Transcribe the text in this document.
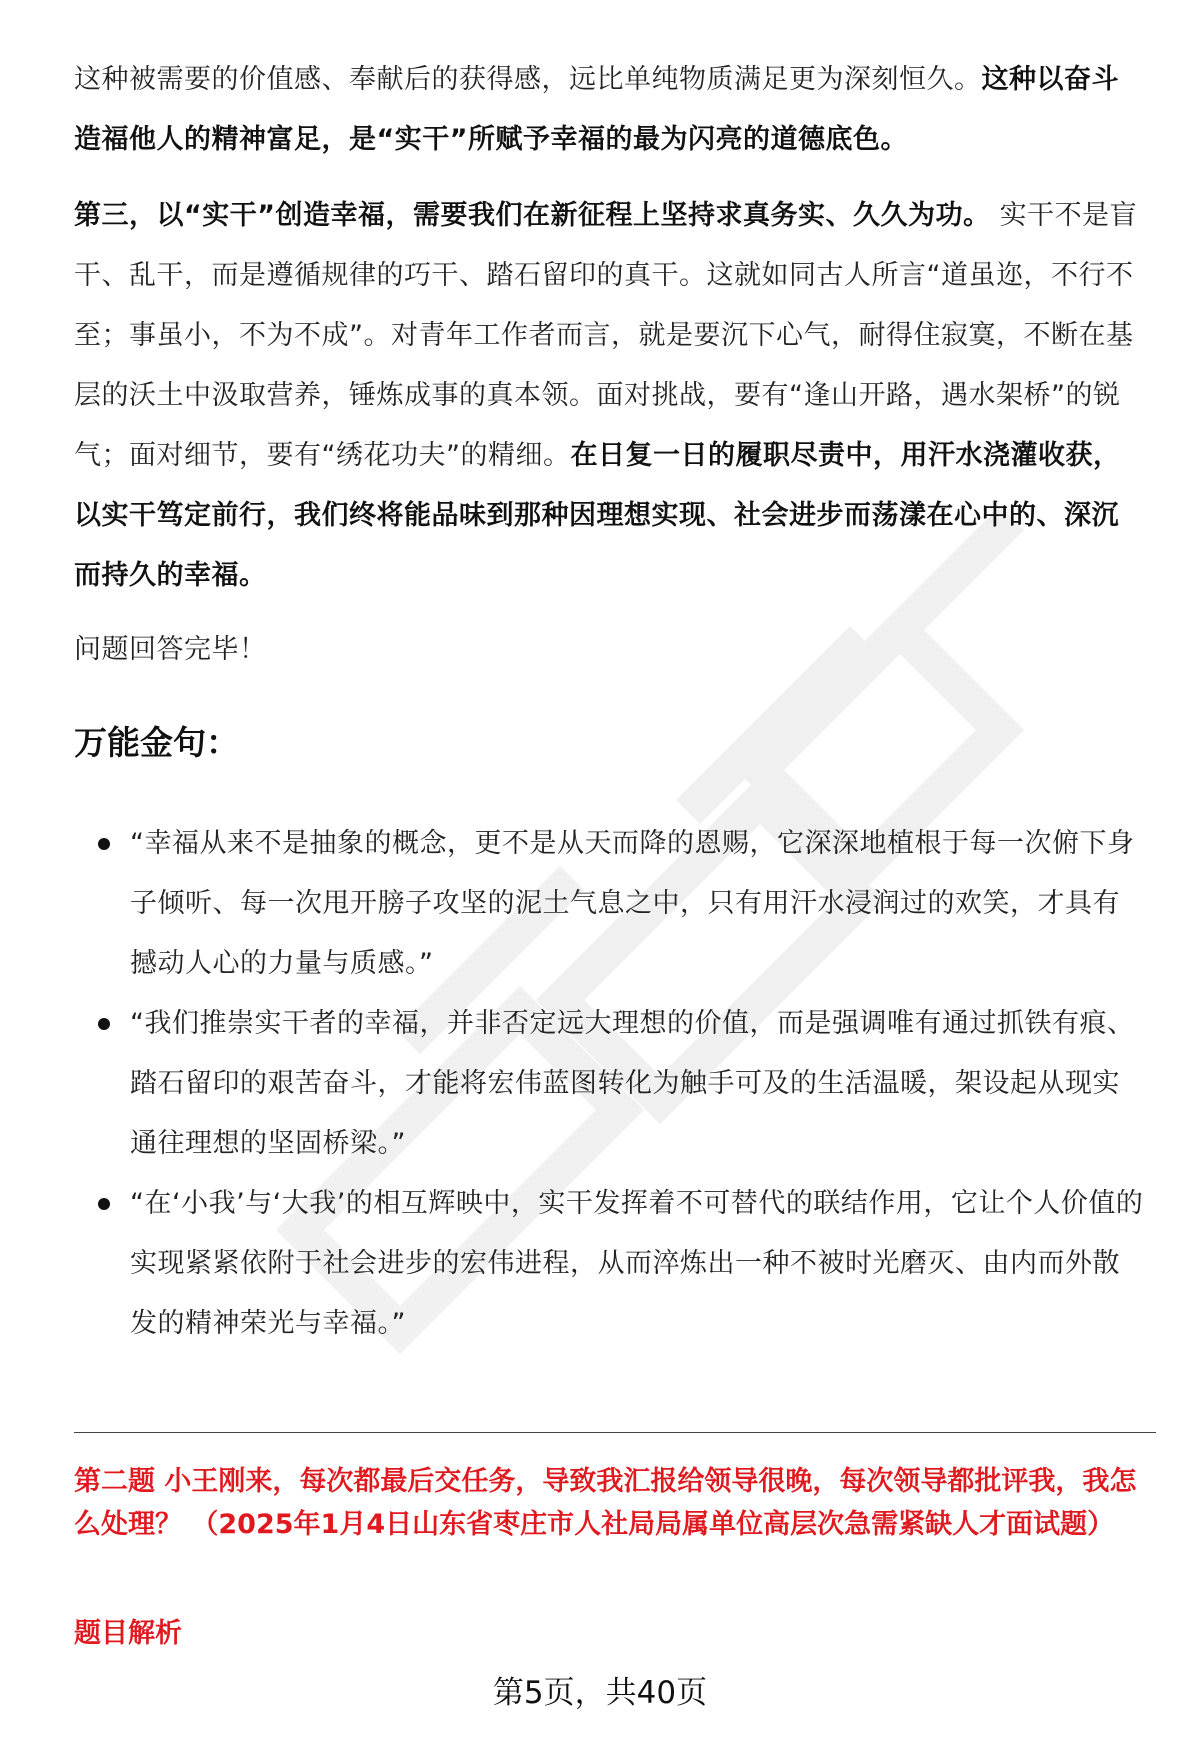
这种被需要的价值感、奉献后的获得感，远比单纯物质满足更为深刻恒久。这种以奋斗造福他人的精神富足，是“实干”所赋予幸福的最为闪亮的道德底色。

第三，以“实干”创造幸福，需要我们在新征程上坚持求真务实、久久为功。 实干不是盲干、乱干，而是遵循规律的巧干、踏石留印的真干。这就如同古人所言“道虽迩，不行不至；事虽小，不为不成”。对青年工作者而言，就是要沉下心气，耐得住寂寞，不断在基层的沃土中汲取营养，锤炼成事的真本领。面对挑战，要有“逢山开路，遇水架桥”的锐气；面对细节，要有“绣花功夫”的精细。在日复一日的履职尽责中，用汗水浇灌收获，以实干笃定前行，我们终将能品味到那种因理想实现、社会进步而荡漾在心中的、深沉而持久的幸福。

问题回答完毕！

万能金句：
“幸福从来不是抽象的概念，更不是从天而降的恩赐，它深深地植根于每一次俯下身子倾听、每一次甩开膀子攻坚的泥土气息之中，只有用汗水浸润过的欢笑，才具有撼动人心的力量与质感。”
“我们推崇实干者的幸福，并非否定远大理想的价值，而是强调唯有通过抓铁有痕、踏石留印的艰苦奋斗，才能将宏伟蓝图转化为触手可及的生活温暖，架设起从现实通往理想的坚固桥梁。”
“在‘小我’与‘大我’的相互辉映中，实干发挥着不可替代的联结作用，它让个人价值的实现紧紧依附于社会进步的宏伟进程，从而淬炼出一种不被时光磨灭、由内而外散发的精神荣光与幸福。”

第二题 小王刚来，每次都最后交任务，导致我汇报给领导很晚，每次领导都批评我，我怎么处理？ （2025年1月4日山东省枣庄市人社局局属单位高层次急需紧缺人才面试题）

题目解析

第5页，共40页
